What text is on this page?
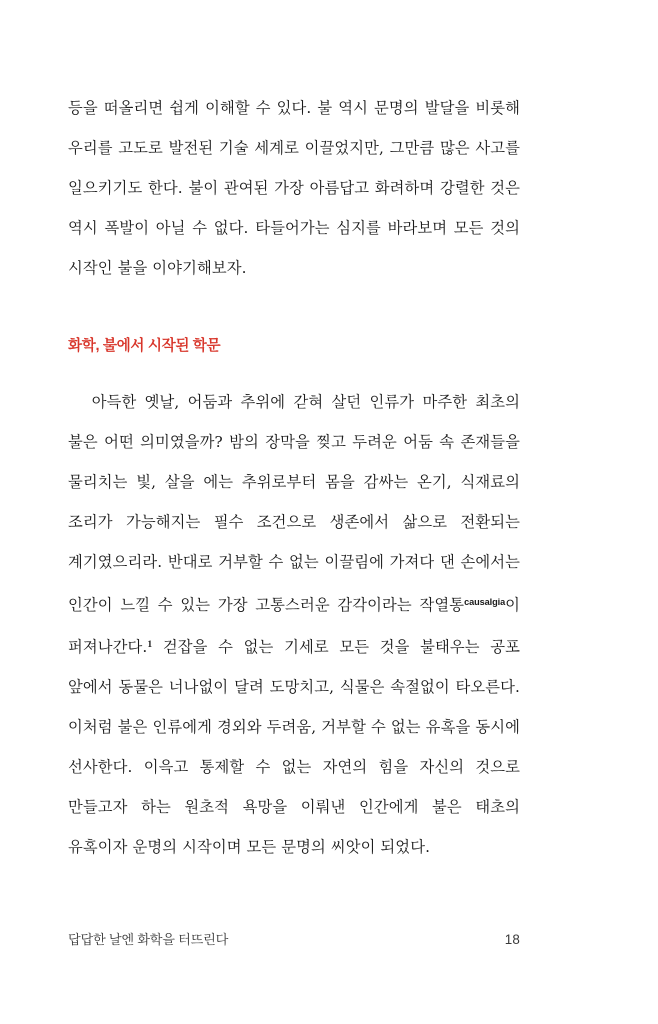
등을 떠올리면 쉽게 이해할 수 있다. 불 역시 문명의 발달을 비롯해 우리를 고도로 발전된 기술 세계로 이끌었지만, 그만큼 많은 사고를 일으키기도 한다. 불이 관여된 가장 아름답고 화려하며 강렬한 것은 역시 폭발이 아닐 수 없다. 타들어가는 심지를 바라보며 모든 것의 시작인 불을 이야기해보자.

화학, 불에서 시작된 학문

아득한 옛날, 어둠과 추위에 갇혀 살던 인류가 마주한 최초의 불은 어떤 의미였을까? 밤의 장막을 찢고 두려운 어둠 속 존재들을 물리치는 빛, 살을 에는 추위로부터 몸을 감싸는 온기, 식재료의 조리가 가능해지는 필수 조건으로 생존에서 삶으로 전환되는 계기였으리라. 반대로 거부할 수 없는 이끌림에 가져다 댄 손에서는 인간이 느낄 수 있는 가장 고통스러운 감각이라는 작열통$^{causalgia}$이 퍼져나간다.$^1$ 걷잡을 수 없는 기세로 모든 것을 불태우는 공포 앞에서 동물은 너나없이 달려 도망치고, 식물은 속절없이 타오른다. 이처럼 불은 인류에게 경외와 두려움, 거부할 수 없는 유혹을 동시에 선사한다. 이윽고 통제할 수 없는 자연의 힘을 자신의 것으로 만들고자 하는 원초적 욕망을 이뤄낸 인간에게 불은 태초의 유혹이자 운명의 시작이며 모든 문명의 씨앗이 되었다.

답답한 날엔 화학을 터뜨린다	18
